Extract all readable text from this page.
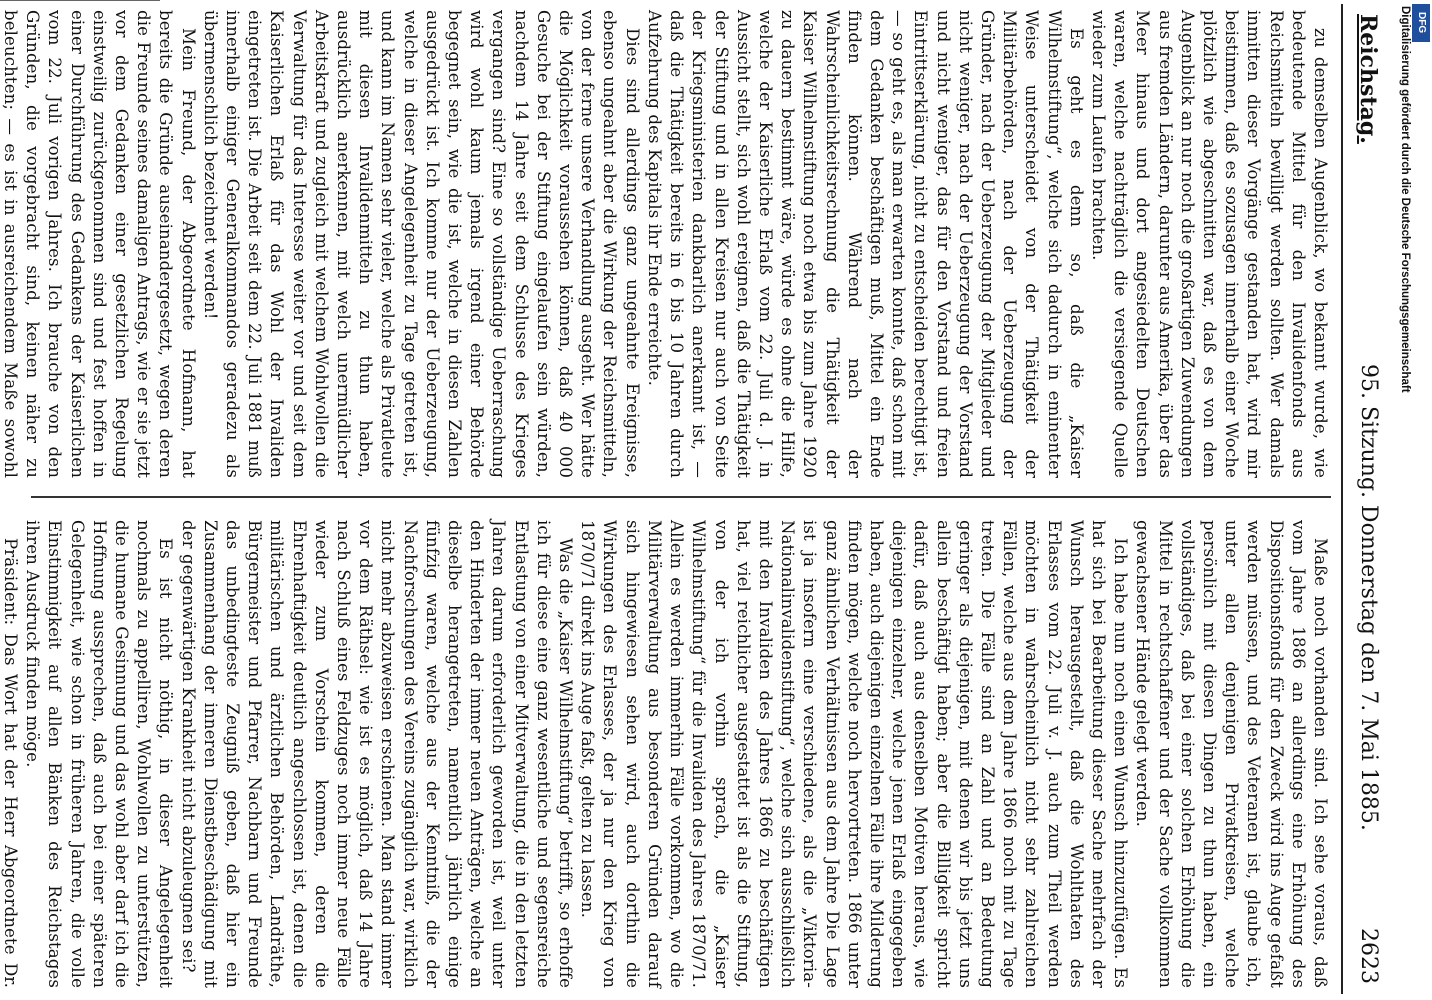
Reichstag.
95. Sitzung. Donnerstag den 7. Mai 1885.
2623

zu demselben Augenblick, wo bekannt wurde, wie bedeutende Mittel für den Invalidenfonds aus Reichsmitteln bewilligt werden sollten. Wer damals inmitten dieser Vorgänge gestanden hat, wird mir beistimmen, daß es sozusagen innerhalb einer Woche plötzlich wie abgeschnitten war, daß es von dem Augenblick an nur noch die großartigen Zuwendungen aus fremden Ländern, darunter aus Amerika, über das Meer hinaus und dort angesiedelten Deutschen waren, welche nachträglich die versiegende Quelle wieder zum Laufen brachten.

Es geht es denn so, daß die „Kaiser Wilhelmstiftung“, welche sich dadurch in eminenter Weise unterscheidet von der Thätigkeit der Militärbehörden, nach der Ueberzeugung der Gründer, nach der Ueberzeugung der Mitglieder und nicht weniger, nach der Ueberzeugung der Vorstand und nicht weniger, das für den Vorstand und freien Eintrittserklärung, nicht zu entscheiden berechtigt ist, — so geht es, als man erwarten konnte, daß schon mit dem Gedanken beschäftigen muß, Mittel ein Ende finden können. Während nach der Wahrscheinlichkeitsrechnung die Thätigkeit der Kaiser Wilhelmstiftung noch etwa bis zum Jahre 1920 zu dauern bestimmt wäre, würde es ohne die Hilfe, welche der Kaiserliche Erlaß vom 22. Juli d. J. in Aussicht stellt, sich wohl ereignen, daß die Thätigkeit der Stiftung und in allen Kreisen nur auch von Seite der Kriegsministerien dankbarlich anerkannt ist, — daß die Thätigkeit bereits in 6 bis 10 Jahren durch Aufzehrung des Kapitals ihr Ende erreichte.

Dies sind allerdings ganz ungeahnte Ereignisse, ebenso ungeahnt aber die Wirkung der Reichsmitteln, von der ferne unsere Verhandlung ausgeht. Wer hätte die Möglichkeit voraussehen können, daß 40 000 Gesuche bei der Stiftung eingelaufen sein würden, nachdem 14 Jahre seit dem Schlusse des Krieges vergangen sind? Eine so vollständige Ueberraschung wird wohl kaum jemals irgend einer Behörde begegnet sein, wie die ist, welche in diesen Zahlen ausgedrückt ist. Ich komme nur der Ueberzeugung, welche in dieser Angelegenheit zu Tage getreten ist, und kann im Namen sehr vieler, welche als Privatleute mit diesen Invalidenmitteln zu thun haben, ausdrücklich anerkennen, mit welch unermüdlicher Arbeitskraft und zugleich mit welchem Wohlwollen die Verwaltung für das Interesse weiter vor und seit dem Kaiserlichen Erlaß für das Wohl der Invaliden eingetreten ist. Die Arbeit seit dem 22. Juli 1881 muß innerhalb einiger Generalkommandos geradezu als übermenschlich bezeichnet werden!

Mein Freund, der Abgeordnete Hofmann, hat bereits die Gründe auseinandergesetzt, wegen deren die Freunde seines damaligen Antrags, wie er sie jetzt vor dem Gedanken einer gesetzlichen Regelung einstweilig zurückgenommen sind und fest hoffen in einer Durchführung des Gedankens der Kaiserlichen vom 22. Juli vorigen Jahres. Ich brauche von den Gründen, die vorgebracht sind, keinen näher zu beleuchten; — es ist in ausreichendem Maße sowohl

Maße noch vorhanden sind. Ich sehe voraus, daß vom Jahre 1886 an allerdings eine Erhöhung des Dispositionsfonds für den Zweck wird ins Auge gefaßt werden müssen, und des Veteranen ist, glaube ich, unter allen denjenigen Privatkreisen, welche persönlich mit diesen Dingen zu thun haben, ein vollständiges, daß bei einer solchen Erhöhung die Mittel in rechtschaffener und der Sache vollkommen gewachsener Hände gelegt werden.

Ich habe nun noch einen Wunsch hinzuzufügen. Es hat sich bei Bearbeitung dieser Sache mehrfach der Wunsch herausgestellt, daß die Wohlthaten des Erlasses vom 22. Juli v. J. auch zum Theil werden möchten in wahrscheinlich nicht sehr zahlreichen Fällen, welche aus dem Jahre 1866 noch mit zu Tage treten. Die Fälle sind an Zahl und an Bedeutung geringer als diejenigen, mit denen wir bis jetzt uns allein beschäftigt haben; aber die Billigkeit spricht dafür, daß auch aus denselben Motiven heraus, wie diejenigen einzelner, welche jenen Erlaß eingegeben haben, auch diejenigen einzelnen Fälle ihre Milderung finden mögen, welche noch hervortreten. 1866 unter ganz ähnlichen Verhältnissen aus dem Jahre Die Lage ist ja insofern eine verschiedene, als die „Viktoria-Nationalinvalidenstiftung“, welche sich ausschließlich mit den Invaliden des Jahres 1866 zu beschäftigen hat, viel reichlicher ausgestattet ist als die Stiftung, von der ich vorhin sprach, die „Kaiser Wilhelmstiftung“ für die Invaliden des Jahres 1870/71. Allein es werden immerhin Fälle vorkommen, wo die Militärverwaltung aus besonderen Gründen darauf sich hingewiesen sehen wird, auch dorthin die Wirkungen des Erlasses, der ja nur den Krieg von 1870/71 direkt ins Auge faßt, gelten zu lassen.

Was die „Kaiser Wilhelmstiftung“ betrifft, so erhoffe ich für diese eine ganz wesentliche und segensreiche Entlastung von einer Mitverwaltung, die in den letzten Jahren darum erforderlich geworden ist, weil unter den Hinderten der immer neuen Anträgen, welche an dieselbe herangetreten, namentlich jährlich einige fünfzig waren, welche aus der Kenntniß, die der Nachforschungen des Vereins zugänglich war, wirklich nicht mehr abzuweisen erschienen. Man stand immer vor dem Räthsel: wie ist es möglich, daß 14 Jahre nach Schluß eines Feldzuges noch immer neue Fälle wieder zum Vorschein kommen, deren die Ehrenhaftigkeit deutlich angeschlossen ist, denen die militärischen und ärztlichen Behörden, Landräthe, Bürgermeister und Pfarrer, Nachbarn und Freunde das unbedingteste Zeugniß geben, daß hier ein Zusammenhang der inneren Dienstbeschädigung mit der gegenwärtigen Krankheit nicht abzuleugnen sei?

Es ist nicht nöthig, in dieser Angelegenheit nochmals zu appelliren, Wohlwollen zu unterstützen, die humane Gesinnung und das wohl aber darf ich die Hoffnung aussprechen, daß auch bei einer späteren Gelegenheit, wie schon in früheren Jahren, die volle Einstimmigkeit auf allen Bänken des Reichstages ihren Ausdruck finden möge.

Präsident: Das Wort hat der Herr Abgeordnete Dr.

Digitalisierung gefördert durch die Deutsche Forschungsgemeinschaft DFG
